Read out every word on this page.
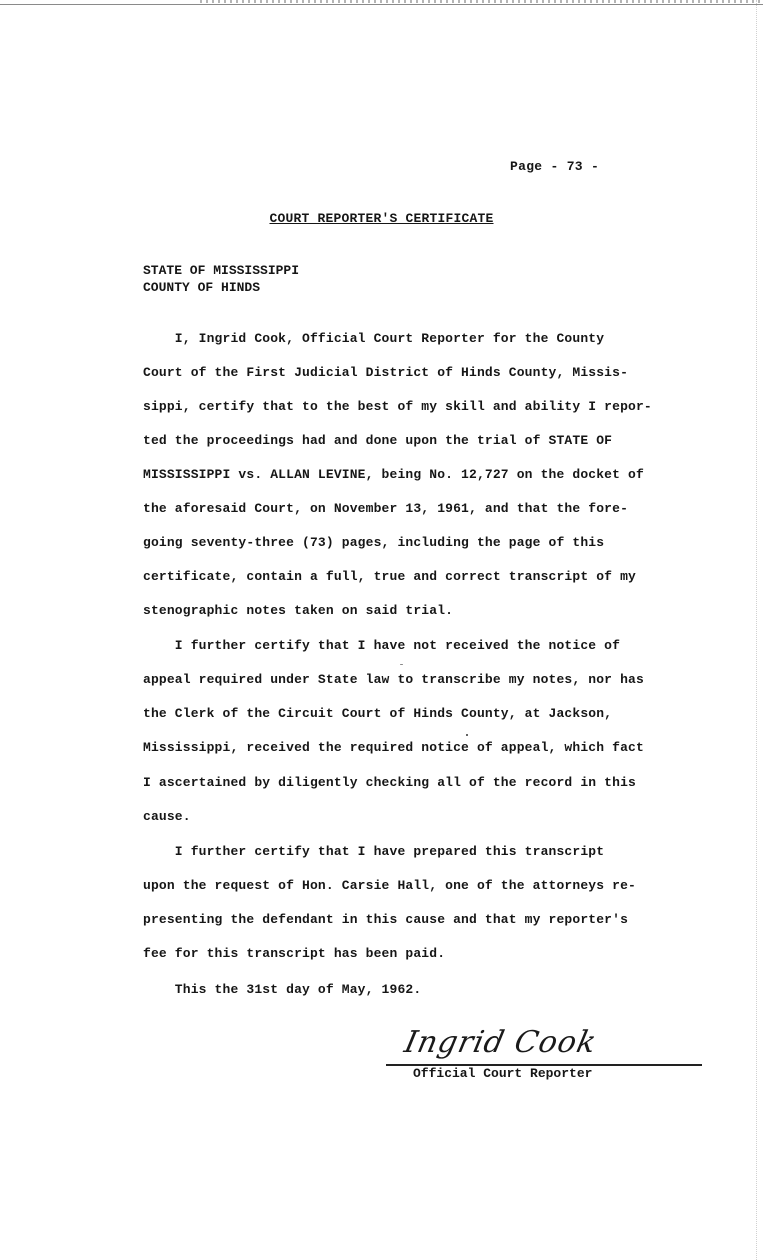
Page - 73 -
COURT REPORTER'S CERTIFICATE
STATE OF MISSISSIPPI
COUNTY OF HINDS
I, Ingrid Cook, Official Court Reporter for the County
Court of the First Judicial District of Hinds County, Missis-
sippi, certify that to the best of my skill and ability I repor-
ted the proceedings had and done upon the trial of STATE OF
MISSISSIPPI vs. ALLAN LEVINE, being No. 12,727 on the docket of
the aforesaid Court, on November 13, 1961, and that the fore-
going seventy-three (73) pages, including the page of this
certificate, contain a full, true and correct transcript of my
stenographic notes taken on said trial.
I further certify that I have not received the notice of
appeal required under State law to transcribe my notes, nor has
the Clerk of the Circuit Court of Hinds County, at Jackson,
Mississippi, received the required notice of appeal, which fact
I ascertained by diligently checking all of the record in this
cause.
I further certify that I have prepared this transcript
upon the request of Hon. Carsie Hall, one of the attorneys re-
presenting the defendant in this cause and that my reporter's
fee for this transcript has been paid.
This the 31st day of May, 1962.
Ingrid Cook
Official Court Reporter
